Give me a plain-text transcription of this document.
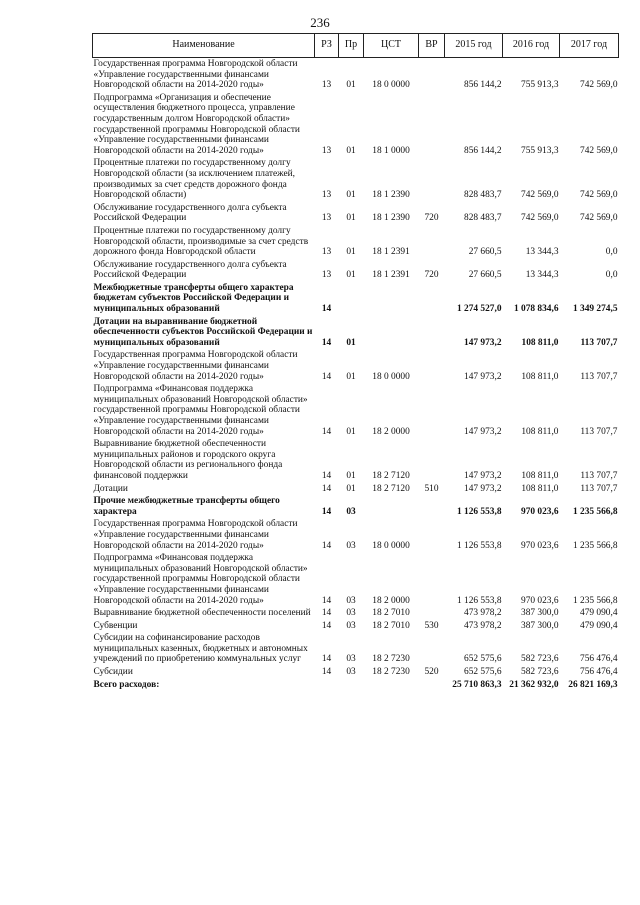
236
Наименование	РЗ	Пр	ЦСТ	ВР	2015 год	2016 год	2017 год
Государственная программа Новгородской области «Управление государственными финансами Новгородской области на 2014-2020 годы»	13	01	18 0 0000		856 144,2	755 913,3	742 569,0
Подпрограмма «Организация и обеспечение осуществления бюджетного процесса, управление государственным долгом Новгородской области» государственной программы Новгородской области «Управление государственными финансами Новгородской области на 2014-2020 годы»	13	01	18 1 0000		856 144,2	755 913,3	742 569,0
Процентные платежи по государственному долгу Новгородской области (за исключением платежей, производимых за счет средств дорожного фонда Новгородской области)	13	01	18 1 2390		828 483,7	742 569,0	742 569,0
Обслуживание государственного долга субъекта Российской Федерации	13	01	18 1 2390	720	828 483,7	742 569,0	742 569,0
Процентные платежи по государственному долгу Новгородской области, производимые за счет средств дорожного фонда Новгородской области	13	01	18 1 2391		27 660,5	13 344,3	0,0
Обслуживание государственного долга субъекта Российской Федерации	13	01	18 1 2391	720	27 660,5	13 344,3	0,0
Межбюджетные трансферты общего характера бюджетам субъектов Российской Федерации и муниципальных образований	14				1 274 527,0	1 078 834,6	1 349 274,5
Дотации на выравнивание бюджетной обеспеченности субъектов Российской Федерации и муниципальных образований	14	01			147 973,2	108 811,0	113 707,7
Государственная программа Новгородской области «Управление государственными финансами Новгородской области на 2014-2020 годы»	14	01	18 0 0000		147 973,2	108 811,0	113 707,7
Подпрограмма «Финансовая поддержка муниципальных образований Новгородской области» государственной программы Новгородской области «Управление государственными финансами Новгородской области на 2014-2020 годы»	14	01	18 2 0000		147 973,2	108 811,0	113 707,7
Выравнивание бюджетной обеспеченности муниципальных районов и городского округа Новгородской области из регионального фонда финансовой поддержки	14	01	18 2 7120		147 973,2	108 811,0	113 707,7
Дотации	14	01	18 2 7120	510	147 973,2	108 811,0	113 707,7
Прочие межбюджетные трансферты общего характера	14	03			1 126 553,8	970 023,6	1 235 566,8
Государственная программа Новгородской области «Управление государственными финансами Новгородской области на 2014-2020 годы»	14	03	18 0 0000		1 126 553,8	970 023,6	1 235 566,8
Подпрограмма «Финансовая поддержка муниципальных образований Новгородской области» государственной программы Новгородской области «Управление государственными финансами Новгородской области на 2014-2020 годы»	14	03	18 2 0000		1 126 553,8	970 023,6	1 235 566,8
Выравнивание бюджетной обеспеченности поселений	14	03	18 2 7010		473 978,2	387 300,0	479 090,4
Субвенции	14	03	18 2 7010	530	473 978,2	387 300,0	479 090,4
Субсидии на софинансирование расходов муниципальных казенных, бюджетных и автономных учреждений по приобретению коммунальных услуг	14	03	18 2 7230		652 575,6	582 723,6	756 476,4
Субсидии	14	03	18 2 7230	520	652 575,6	582 723,6	756 476,4
Всего расходов:					25 710 863,3	21 362 932,0	26 821 169,3
